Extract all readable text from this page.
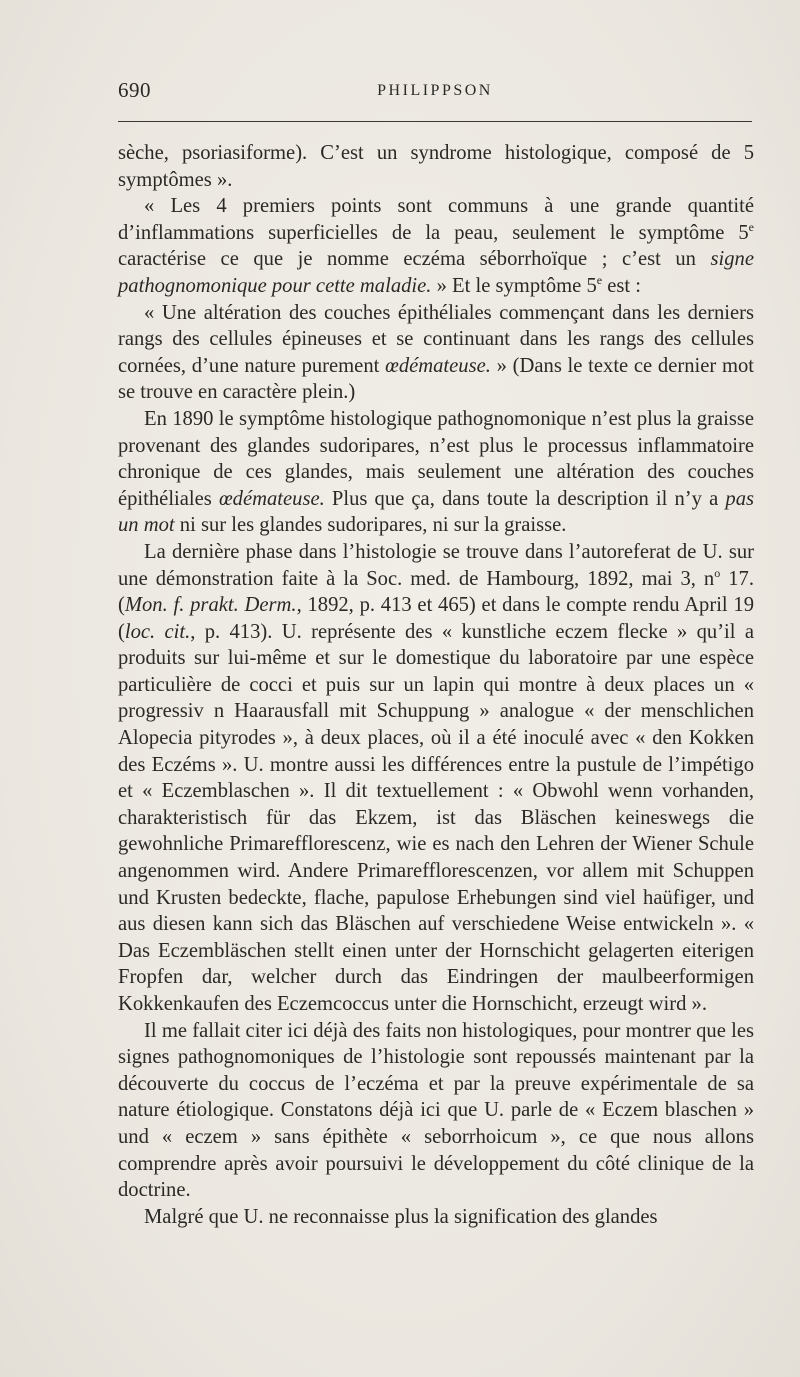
690	PHILIPPSON

sèche, psoriasiforme). C’est un syndrome histologique, composé de 5 symptômes ».

« Les 4 premiers points sont communs à une grande quantité d’inflammations superficielles de la peau, seulement le symptôme 5e caractérise ce que je nomme eczéma séborrhoïque ; c’est un signe pathognomonique pour cette maladie. » Et le symptôme 5e est :

« Une altération des couches épithéliales commençant dans les derniers rangs des cellules épineuses et se continuant dans les rangs des cellules cornées, d’une nature purement œdémateuse. » (Dans le texte ce dernier mot se trouve en caractère plein.)

En 1890 le symptôme histologique pathognomonique n’est plus la graisse provenant des glandes sudoripares, n’est plus le processus inflammatoire chronique de ces glandes, mais seulement une altération des couches épithéliales œdémateuse. Plus que ça, dans toute la description il n’y a pas un mot ni sur les glandes sudoripares, ni sur la graisse.

La dernière phase dans l’histologie se trouve dans l’autoreferat de U. sur une démonstration faite à la Soc. med. de Hambourg, 1892, mai 3, $n^o$ 17. (Mon. f. prakt. Derm., 1892, p. 413 et 465) et dans le compte rendu April 19 (loc. cit., p. 413). U. représente des « kunstliche eczem flecke » qu’il a produits sur lui-même et sur le domestique du laboratoire par une espèce particulière de cocci et puis sur un lapin qui montre à deux places un « progressiv n Haarausfall mit Schuppung » analogue « der menschlichen Alopecia pityrodes », à deux places, où il a été inoculé avec « den Kokken des Eczéms ». U. montre aussi les différences entre la pustule de l’impétigo et « Eczemblaschen ». Il dit textuellement : « Obwohl wenn vorhanden, charakteristisch für das Ekzem, ist das Bläschen keineswegs die gewohnliche Primarefflorescenz, wie es nach den Lehren der Wiener Schule angenommen wird. Andere Primarefflorescenzen, vor allem mit Schuppen und Krusten bedeckte, flache, papulose Erhebungen sind viel haüfiger, und aus diesen kann sich das Bläschen auf verschiedene Weise entwickeln ». « Das Eczembläschen stellt einen unter der Hornschicht gelagerten eiterigen Fropfen dar, welcher durch das Eindringen der maulbeerformigen Kokkenkaufen des Eczemcoccus unter die Hornschicht, erzeugt wird ».

Il me fallait citer ici déjà des faits non histologiques, pour montrer que les signes pathognomoniques de l’histologie sont repoussés maintenant par la découverte du coccus de l’eczéma et par la preuve expérimentale de sa nature étiologique. Constatons déjà ici que U. parle de « Eczem blaschen » und « eczem » sans épithète « seborrhoicum », ce que nous allons comprendre après avoir poursuivi le développement du côté clinique de la doctrine.

Malgré que U. ne reconnaisse plus la signification des glandes
